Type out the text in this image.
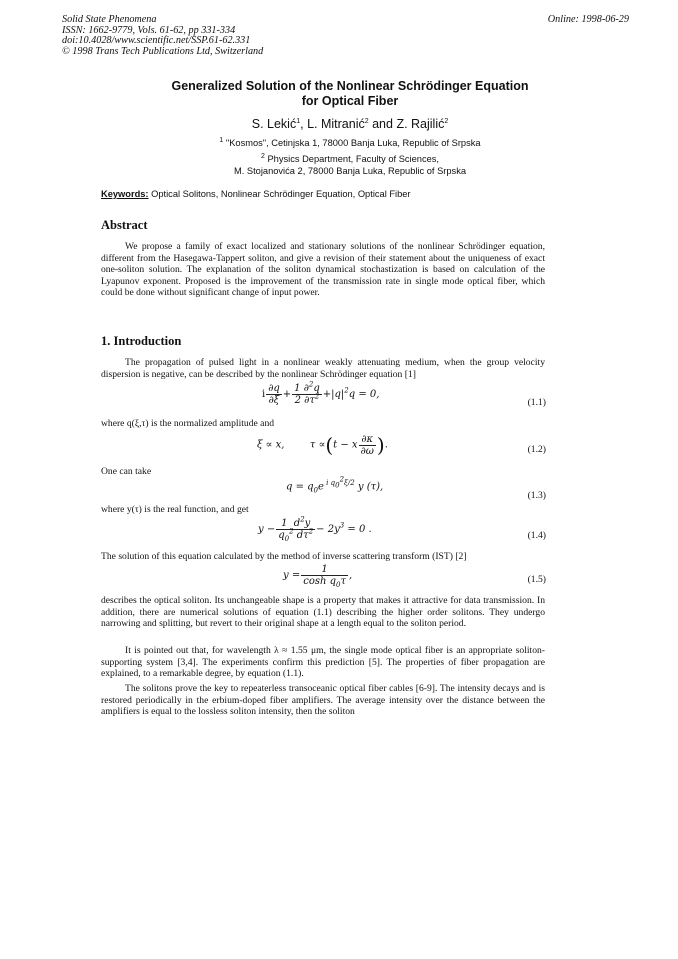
Solid State Phenomena
ISSN: 1662-9779, Vols. 61-62, pp 331-334
doi:10.4028/www.scientific.net/SSP.61-62.331
© 1998 Trans Tech Publications Ltd, Switzerland
Online: 1998-06-29
Generalized Solution of the Nonlinear Schrödinger Equation
for Optical Fiber
S. Lekić$^1$, L. Mitranić$^2$ and Z. Rajilić$^2$
$^1$ "Kosmos", Cetinjska 1, 78000 Banja Luka, Republic of Srpska
$^2$ Physics Department, Faculty of Sciences,
M. Stojanovića 2, 78000 Banja Luka, Republic of Srpska
Keywords: Optical Solitons, Nonlinear Schrödinger Equation, Optical Fiber
Abstract
We propose a family of exact localized and stationary solutions of the nonlinear Schrödinger equation, different from the Hasegawa-Tappert soliton, and give a revision of their statement about the uniqueness of exact one-soliton solution. The explanation of the soliton dynamical stochastization is based on calculation of the Lyapunov exponent. Proposed is the improvement of the transmission rate in single mode optical fiber, which could be done without significant change of input power.
1. Introduction
The propagation of pulsed light in a nonlinear weakly attenuating medium, when the group velocity dispersion is negative, can be described by the nonlinear Schrödinger equation [1]
i $\frac{\partial q}{\partial\xi} + \frac{1 \partial^2q}{2 \partial\tau^2} +|q|^2q = 0$,
(1.1)
where q(ξ,τ) is the normalized amplitude and
ξ ∝ x,        τ ∝(t − x $\frac{\partial\kappa}{\partial\omega}$ ).	(1.2)
One can take
$q = q_0e$ $^{i q_0^2\xi/2}$ y (τ),
(1.3)
where y(τ) is the real function, and get
$y - \frac{1 d^2y}{q_0^2 d\tau^2} - 2y^3 = 0$ .
(1.4)
The solution of this equation calculated by the method of inverse scattering transform (IST) [2]
$y = \frac{1}{\cosh q_0\tau}$ ,	(1.5)
describes the optical soliton. Its unchangeable shape is a property that makes it attractive for data transmission. In addition, there are numerical solutions of equation (1.1) describing the higher order solitons. They undergo narrowing and splitting, but revert to their original shape at a length equal to the soliton period.
It is pointed out that, for wavelength λ ≈ 1.55 μm, the single mode optical fiber is an appropriate soliton-supporting system [3,4]. The experiments confirm this prediction [5]. The properties of fiber propagation are explained, to a remarkable degree, by equation (1.1).
The solitons prove the key to repeaterless transoceanic optical fiber cables [6-9]. The intensity decays and is restored periodically in the erbium-doped fiber amplifiers. The average intensity over the distance between the amplifiers is equal to the lossless soliton intensity, then the soliton
